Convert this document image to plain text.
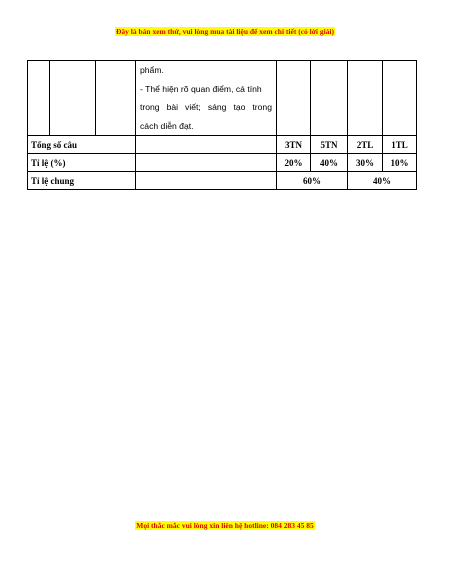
Đây là bản xem thử, vui lòng mua tài liệu để xem chi tiết (có lời giải)

			phẩm.
- Thể hiện rõ quan điểm, cá tính
trong bài viết; sáng tạo trong
cách diễn đạt.				

Tổng số câu				3TN	5TN	2TL	1TL
Tỉ lệ (%)				20%	40%	30%	10%
Tỉ lệ chung				60%		40%	
Mọi thắc mắc vui lòng xin liên hệ hotline: 084 283 45 85
